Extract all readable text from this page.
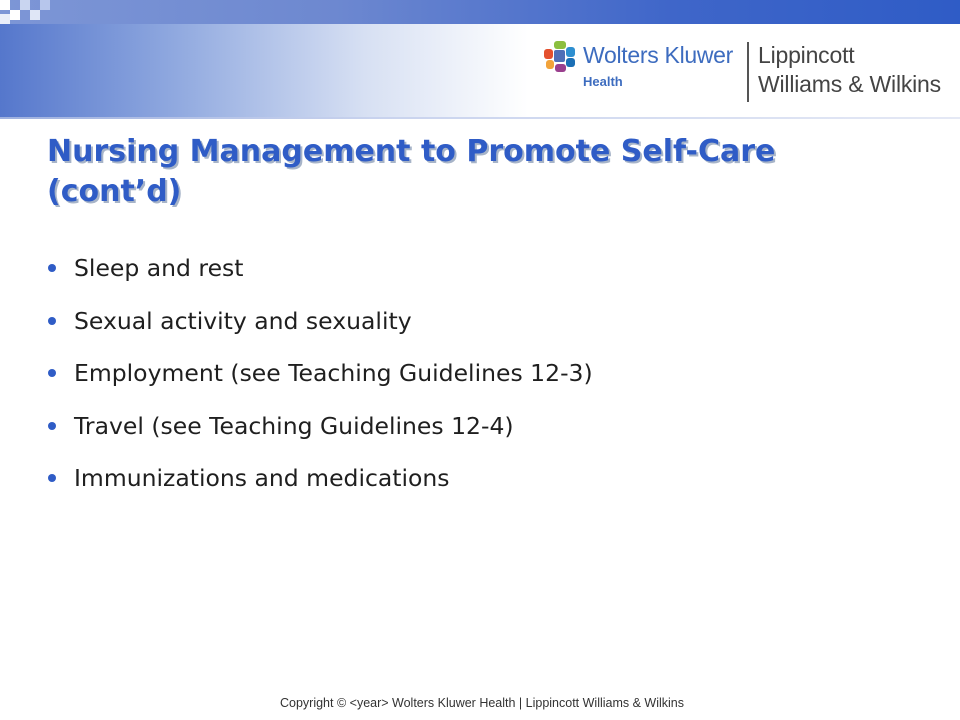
Wolters Kluwer
Health
Lippincott
Williams & Wilkins
Nursing Management to Promote Self-Care (cont’d)
Sleep and rest
Sexual activity and sexuality
Employment (see Teaching Guidelines 12-3)
Travel (see Teaching Guidelines 12-4)
Immunizations and medications
Copyright © <year> Wolters Kluwer Health | Lippincott Williams & Wilkins
